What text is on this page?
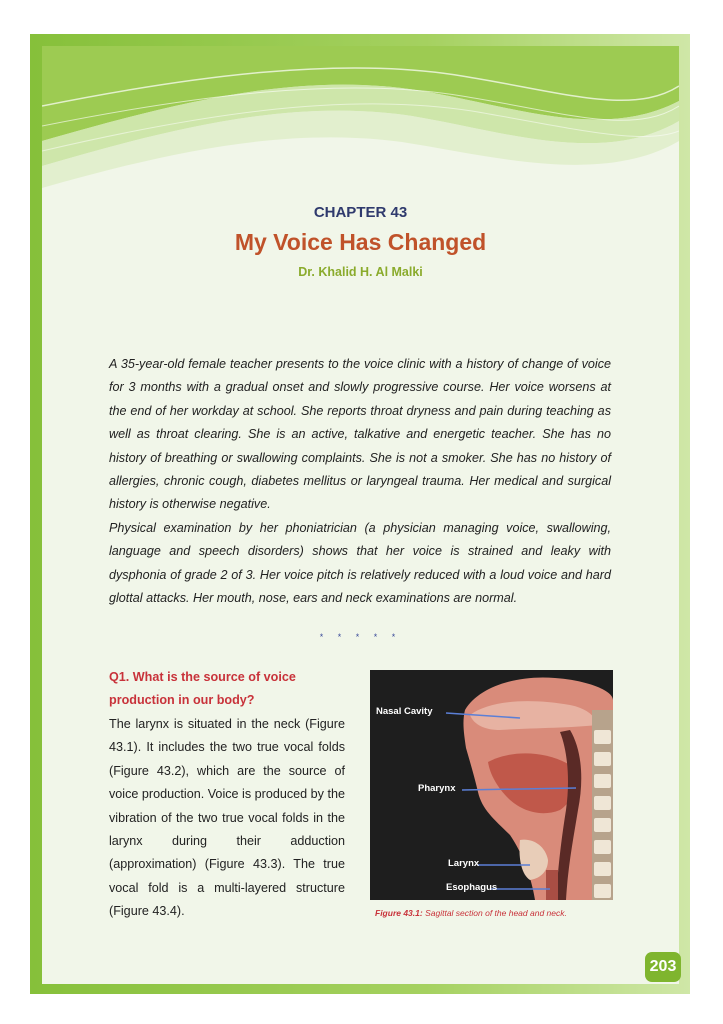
CHAPTER 43
My Voice Has Changed
Dr. Khalid H. Al Malki

A 35-year-old female teacher presents to the voice clinic with a history of change of voice for 3 months with a gradual onset and slowly progressive course. Her voice worsens at the end of her workday at school. She reports throat dryness and pain during teaching as well as throat clearing. She is an active, talkative and energetic teacher. She has no history of breathing or swallowing complaints. She is not a smoker. She has no history of allergies, chronic cough, diabetes mellitus or laryngeal trauma. Her medical and surgical history is otherwise negative.

Physical examination by her phoniatrician (a physician managing voice, swallowing, language and speech disorders) shows that her voice is strained and leaky with dysphonia of grade 2 of 3. Her voice pitch is relatively reduced with a loud voice and hard glottal attacks. Her mouth, nose, ears and neck examinations are normal.

* * * * *

Q1. What is the source of voice production in our body?

The larynx is situated in the neck (Figure 43.1). It includes the two true vocal folds (Figure 43.2), which are the source of voice production. Voice is produced by the vibration of the two true vocal folds in the larynx during their adduction (approximation) (Figure 43.3). The true vocal fold is a multi-layered structure (Figure 43.4).

Nasal Cavity
Pharynx
Larynx
Esophagus
Figure 43.1: Sagittal section of the head and neck.
203
